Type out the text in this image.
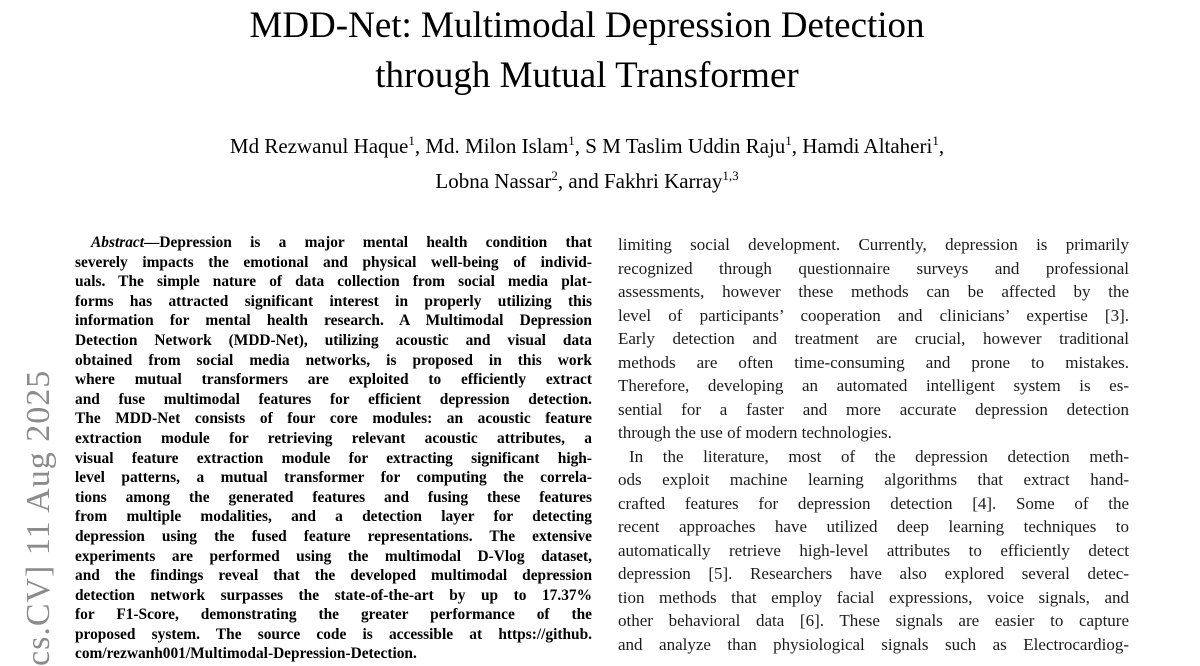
cs.CV] 11 Aug 2025
MDD-Net: Multimodal Depression Detection
through Mutual Transformer
Md Rezwanul Haque$^1$, Md. Milon Islam$^1$, S M Taslim Uddin Raju$^1$, Hamdi Altaheri$^1$,
Lobna Nassar$^2$, and Fakhri Karray$^{1,3}$
Abstract—Depression is a major mental health condition that
severely impacts the emotional and physical well-being of individ-
uals. The simple nature of data collection from social media plat-
forms has attracted significant interest in properly utilizing this
information for mental health research. A Multimodal Depression
Detection Network (MDD-Net), utilizing acoustic and visual data
obtained from social media networks, is proposed in this work
where mutual transformers are exploited to efficiently extract
and fuse multimodal features for efficient depression detection.
The MDD-Net consists of four core modules: an acoustic feature
extraction module for retrieving relevant acoustic attributes, a
visual feature extraction module for extracting significant high-
level patterns, a mutual transformer for computing the correla-
tions among the generated features and fusing these features
from multiple modalities, and a detection layer for detecting
depression using the fused feature representations. The extensive
experiments are performed using the multimodal D-Vlog dataset,
and the findings reveal that the developed multimodal depression
detection network surpasses the state-of-the-art by up to 17.37%
for F1-Score, demonstrating the greater performance of the
proposed system. The source code is accessible at https://github.
com/rezwanh001/Multimodal-Depression-Detection.
limiting social development. Currently, depression is primarily
recognized through questionnaire surveys and professional
assessments, however these methods can be affected by the
level of participants’ cooperation and clinicians’ expertise [3].
Early detection and treatment are crucial, however traditional
methods are often time-consuming and prone to mistakes.
Therefore, developing an automated intelligent system is es-
sential for a faster and more accurate depression detection
through the use of modern technologies.
In the literature, most of the depression detection meth-
ods exploit machine learning algorithms that extract hand-
crafted features for depression detection [4]. Some of the
recent approaches have utilized deep learning techniques to
automatically retrieve high-level attributes to efficiently detect
depression [5]. Researchers have also explored several detec-
tion methods that employ facial expressions, voice signals, and
other behavioral data [6]. These signals are easier to capture
and analyze than physiological signals such as Electrocardiog-
